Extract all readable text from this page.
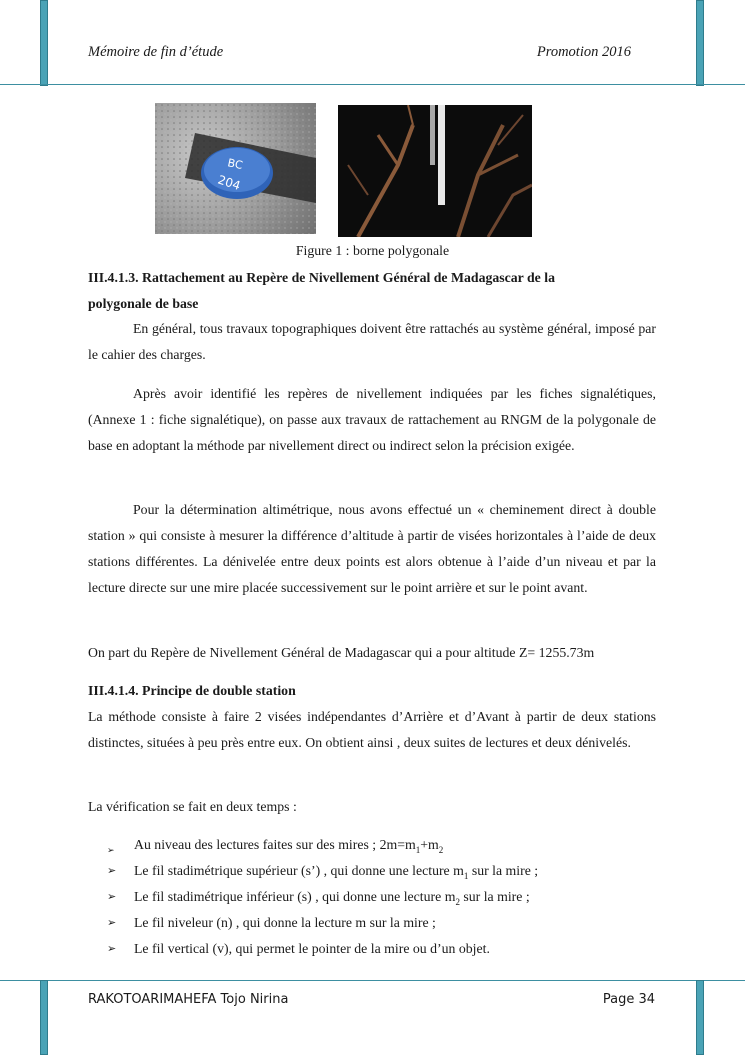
Mémoire de fin d’étude	Promotion 2016
BC
204
Figure 1 : borne polygonale

III.4.1.3. Rattachement au Repère de Nivellement Général de Madagascar de la
polygonale de base

En général, tous travaux topographiques doivent être rattachés au système général, imposé par le cahier des charges.

Après avoir identifié les repères de nivellement indiquées par les fiches signalétiques, (Annexe 1 : fiche signalétique), on passe aux travaux de rattachement au RNGM de la polygonale de base en adoptant la méthode par nivellement direct ou indirect selon la précision exigée.

Pour la détermination altimétrique, nous avons effectué un « cheminement direct à double station » qui consiste à mesurer la différence d’altitude à partir de visées horizontales à l’aide de deux stations différentes. La dénivelée entre deux points est alors obtenue à l’aide d’un niveau et par la lecture directe sur une mire placée successivement sur le point arrière et sur le point avant.

On part du Repère de Nivellement Général de Madagascar qui a pour altitude Z= 1255.73m

III.4.1.4. Principe de double station

La méthode consiste à faire 2 visées indépendantes d’Arrière et d’Avant à partir de deux stations distinctes, situées à peu près entre eux. On obtient ainsi , deux suites de lectures et deux dénivelés.

La vérification se fait en deux temps :

➢	Au niveau des lectures faites sur des mires ; $2m=m_1+m_2$
➢	Le fil stadimétrique supérieur (s’) , qui donne une lecture $m_1$ sur la mire ;
➢	Le fil stadimétrique inférieur (s) , qui donne une lecture $m_2$ sur la mire ;
➢	Le fil niveleur (n) , qui donne la lecture m sur la mire ;
➢	Le fil vertical (v), qui permet le pointer de la mire ou d’un objet.
RAKOTOARIMAHEFA Tojo Nirina	Page 34
